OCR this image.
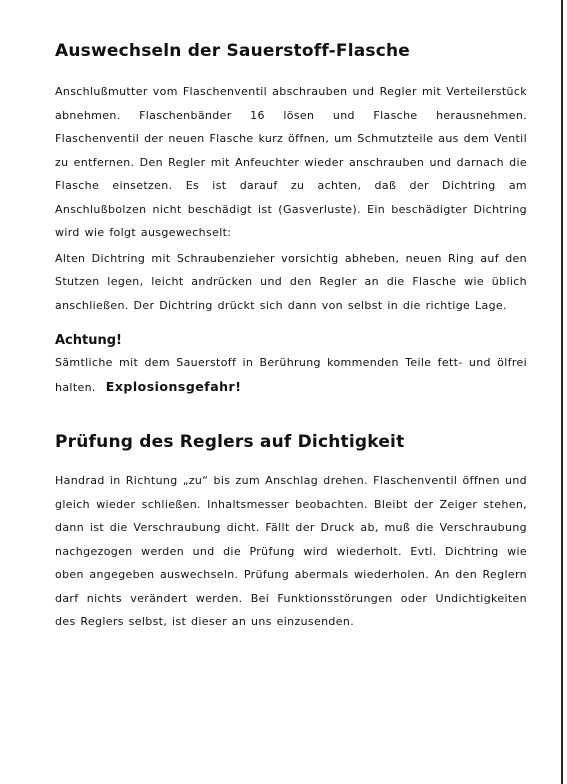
Auswechseln der Sauerstoff-Flasche

Anschlußmutter vom Flaschenventil abschrauben und Regler mit Verteilerstück abnehmen. Flaschenbänder 16 lösen und Flasche herausnehmen. Flaschenventil der neuen Flasche kurz öffnen, um Schmutzteile aus dem Ventil zu entfernen. Den Regler mit Anfeuchter wieder anschrauben und darnach die Flasche einsetzen. Es ist darauf zu achten, daß der Dichtring am Anschlußbolzen nicht beschädigt ist (Gasverluste). Ein beschädigter Dichtring wird wie folgt ausgewechselt:

Alten Dichtring mit Schraubenzieher vorsichtig abheben, neuen Ring auf den Stutzen legen, leicht andrücken und den Regler an die Flasche wie üblich anschließen. Der Dichtring drückt sich dann von selbst in die richtige Lage.

Achtung!

Sämtliche mit dem Sauerstoff in Berührung kommenden Teile fett- und ölfrei halten. Explosionsgefahr!

Prüfung des Reglers auf Dichtigkeit

Handrad in Richtung „zu“ bis zum Anschlag drehen. Flaschenventil öffnen und gleich wieder schließen. Inhaltsmesser beobachten. Bleibt der Zeiger stehen, dann ist die Verschraubung dicht. Fällt der Druck ab, muß die Verschraubung nachgezogen werden und die Prüfung wird wiederholt. Evtl. Dichtring wie oben angegeben auswechseln. Prüfung abermals wiederholen. An den Reglern darf nichts verändert werden. Bei Funktionsstörungen oder Undichtigkeiten des Reglers selbst, ist dieser an uns einzusenden.
